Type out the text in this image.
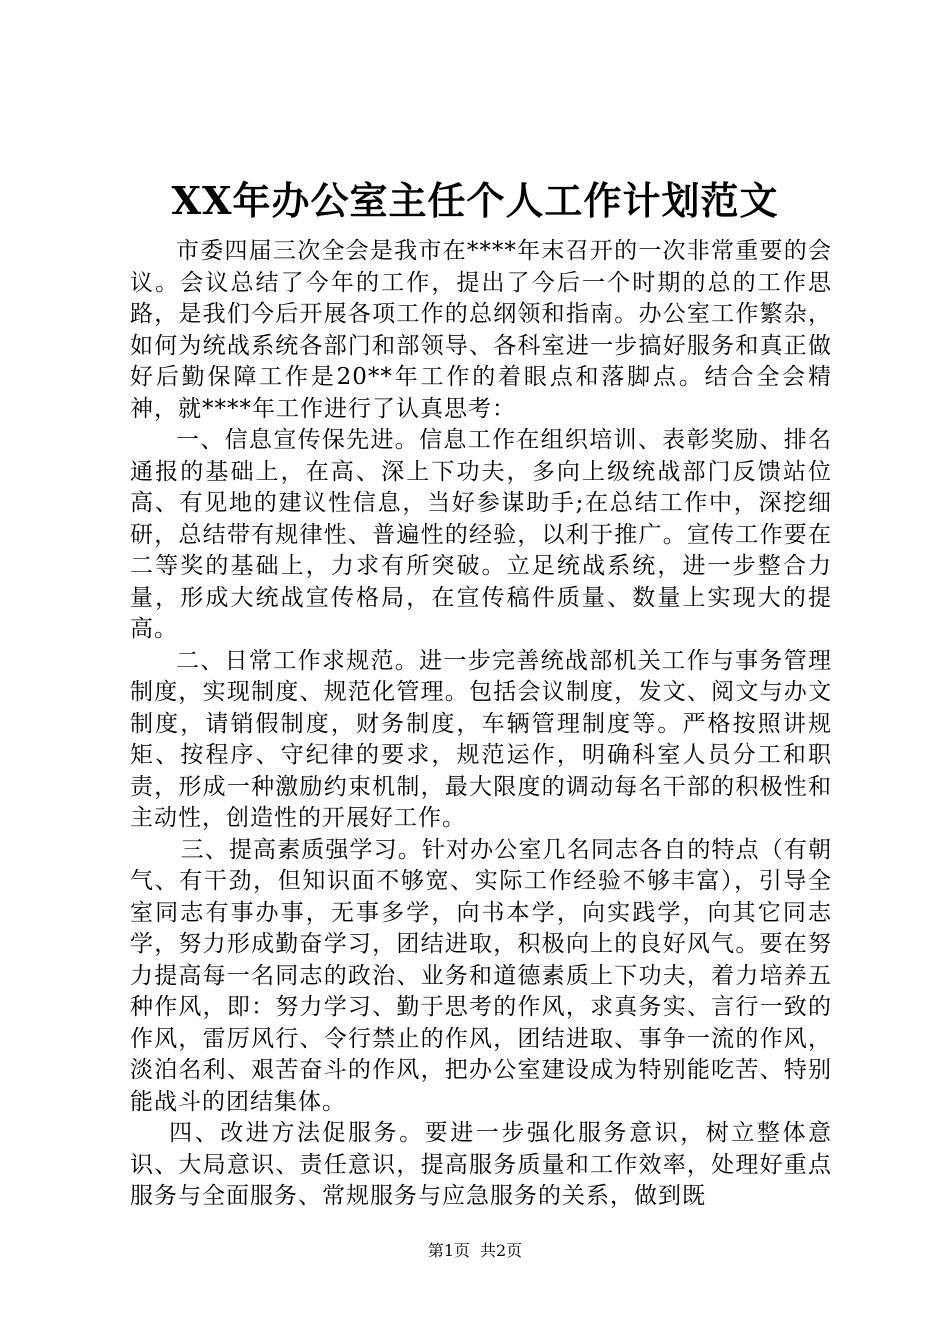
XX年办公室主任个人工作计划范文

市委四届三次全会是我市在****年末召开的一次非常重要的会议。会议总结了今年的工作，提出了今后一个时期的总的工作思路，是我们今后开展各项工作的总纲领和指南。办公室工作繁杂，如何为统战系统各部门和部领导、各科室进一步搞好服务和真正做好后勤保障工作是20**年工作的着眼点和落脚点。结合全会精神，就****年工作进行了认真思考：

一、信息宣传保先进。信息工作在组织培训、表彰奖励、排名通报的基础上，在高、深上下功夫，多向上级统战部门反馈站位高、有见地的建议性信息，当好参谋助手;在总结工作中，深挖细研，总结带有规律性、普遍性的经验，以利于推广。宣传工作要在二等奖的基础上，力求有所突破。立足统战系统，进一步整合力量，形成大统战宣传格局，在宣传稿件质量、数量上实现大的提高。

二、日常工作求规范。进一步完善统战部机关工作与事务管理制度，实现制度、规范化管理。包括会议制度，发文、阅文与办文制度，请销假制度，财务制度，车辆管理制度等。严格按照讲规矩、按程序、守纪律的要求，规范运作，明确科室人员分工和职责，形成一种激励约束机制，最大限度的调动每名干部的积极性和主动性，创造性的开展好工作。

三、提高素质强学习。针对办公室几名同志各自的特点（有朝气、有干劲，但知识面不够宽、实际工作经验不够丰富），引导全室同志有事办事，无事多学，向书本学，向实践学，向其它同志学，努力形成勤奋学习，团结进取，积极向上的良好风气。要在努力提高每一名同志的政治、业务和道德素质上下功夫，着力培养五种作风，即：努力学习、勤于思考的作风，求真务实、言行一致的作风，雷厉风行、令行禁止的作风，团结进取、事争一流的作风，淡泊名利、艰苦奋斗的作风，把办公室建设成为特别能吃苦、特别能战斗的团结集体。

四、改进方法促服务。要进一步强化服务意识，树立整体意识、大局意识、责任意识，提高服务质量和工作效率，处理好重点服务与全面服务、常规服务与应急服务的关系，做到既

第1页 共2页
